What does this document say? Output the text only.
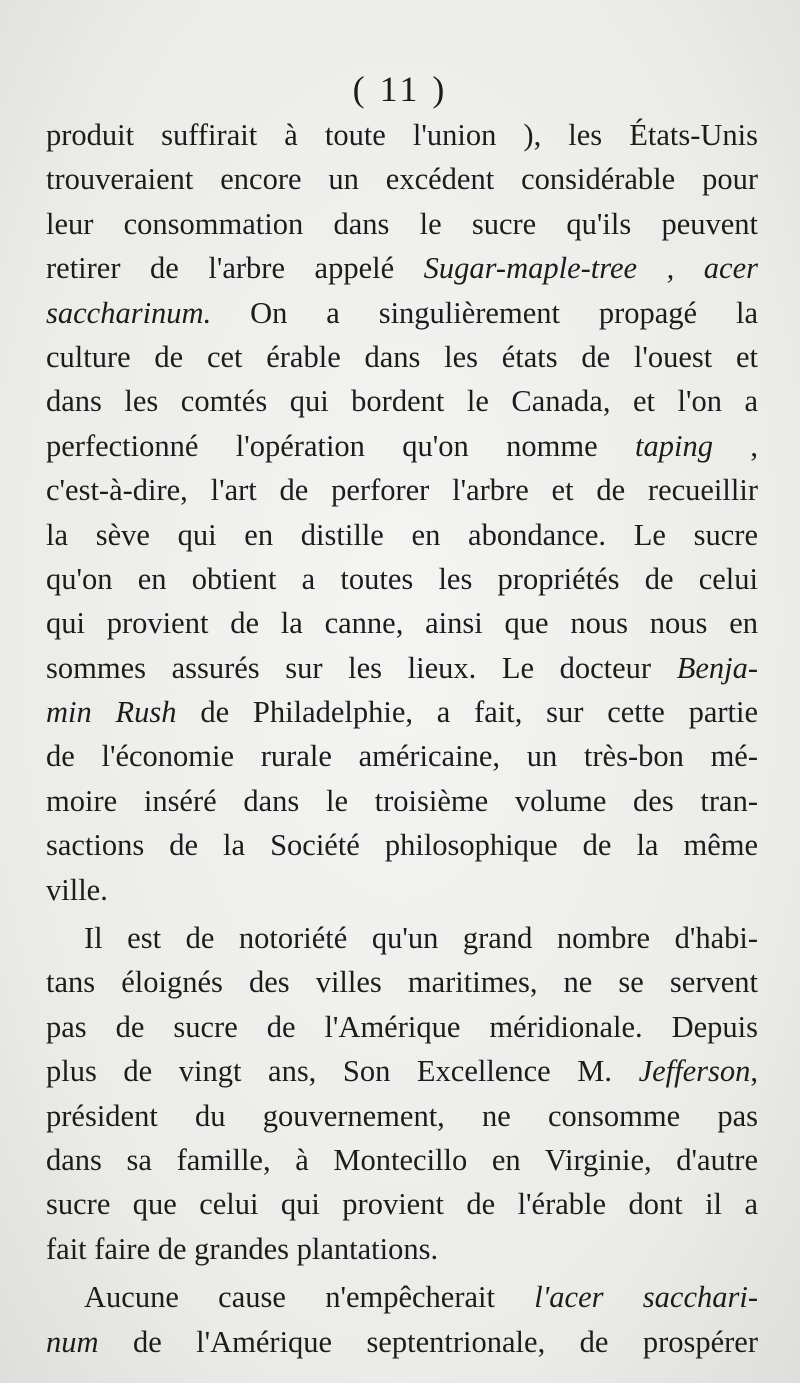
( 11 )
produit suffirait à toute l'union ), les États-Unis
trouveraient encore un excédent considérable pour
leur consommation dans le sucre qu'ils peuvent
retirer de l'arbre appelé Sugar-maple-tree , acer
saccharinum. On a singulièrement propagé la
culture de cet érable dans les états de l'ouest et
dans les comtés qui bordent le Canada, et l'on a
perfectionné l'opération qu'on nomme taping ,
c'est-à-dire, l'art de perforer l'arbre et de recueillir
la sève qui en distille en abondance. Le sucre
qu'on en obtient a toutes les propriétés de celui
qui provient de la canne, ainsi que nous nous en
sommes assurés sur les lieux. Le docteur Benja-
min Rush de Philadelphie, a fait, sur cette partie
de l'économie rurale américaine, un très-bon mé-
moire inséré dans le troisième volume des tran-
sactions de la Société philosophique de la même
ville.
Il est de notoriété qu'un grand nombre d'habi-
tans éloignés des villes maritimes, ne se servent
pas de sucre de l'Amérique méridionale. Depuis
plus de vingt ans, Son Excellence M. Jefferson,
président du gouvernement, ne consomme pas
dans sa famille, à Montecillo en Virginie, d'autre
sucre que celui qui provient de l'érable dont il a
fait faire de grandes plantations.
Aucune cause n'empêcherait l'acer sacchari-
num de l'Amérique septentrionale, de prospérer
